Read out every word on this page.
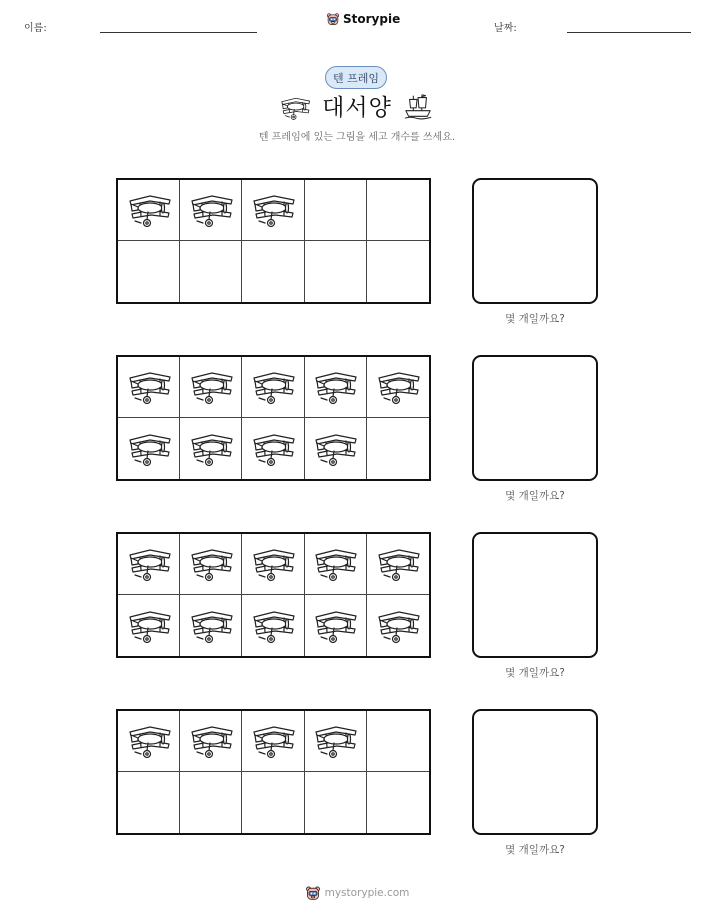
이름:
Storypie
날짜:
텐 프레임
대서양
텐 프레임에 있는 그림을 세고 개수를 쓰세요.
몇 개일까요?
몇 개일까요?
몇 개일까요?
몇 개일까요?
mystorypie.com
